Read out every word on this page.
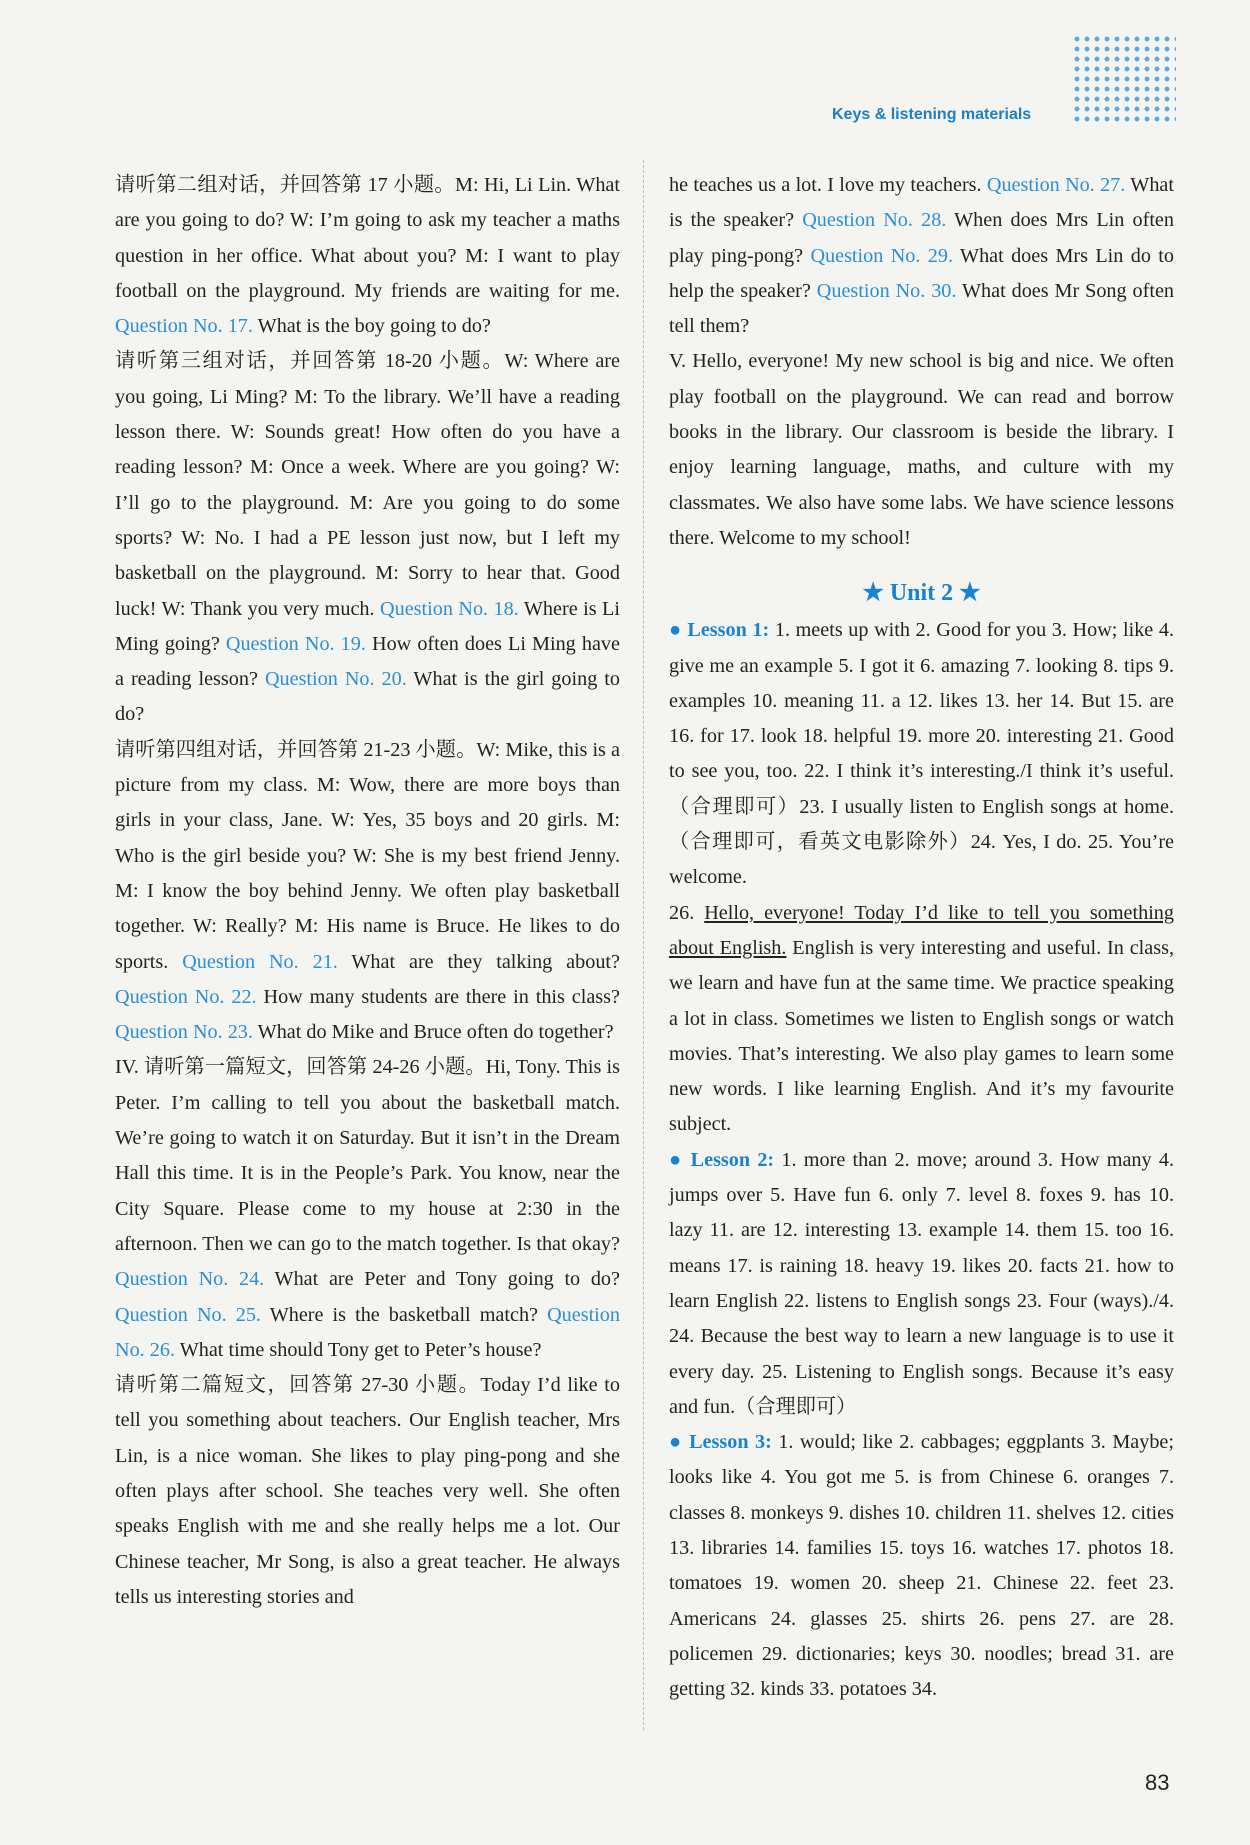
Keys & listening materials

请听第二组对话，并回答第 17 小题。M: Hi, Li Lin. What are you going to do? W: I’m going to ask my teacher a maths question in her office. What about you? M: I want to play football on the playground. My friends are waiting for me. Question No. 17. What is the boy going to do?

请听第三组对话，并回答第 18-20 小题。W: Where are you going, Li Ming? M: To the library. We’ll have a reading lesson there. W: Sounds great! How often do you have a reading lesson? M: Once a week. Where are you going? W: I’ll go to the playground. M: Are you going to do some sports? W: No. I had a PE lesson just now, but I left my basketball on the playground. M: Sorry to hear that. Good luck! W: Thank you very much. Question No. 18. Where is Li Ming going? Question No. 19. How often does Li Ming have a reading lesson? Question No. 20. What is the girl going to do?

请听第四组对话，并回答第 21-23 小题。W: Mike, this is a picture from my class. M: Wow, there are more boys than girls in your class, Jane. W: Yes, 35 boys and 20 girls. M: Who is the girl beside you? W: She is my best friend Jenny. M: I know the boy behind Jenny. We often play basketball together. W: Really? M: His name is Bruce. He likes to do sports. Question No. 21. What are they talking about? Question No. 22. How many students are there in this class? Question No. 23. What do Mike and Bruce often do together?

IV. 请听第一篇短文，回答第 24-26 小题。Hi, Tony. This is Peter. I’m calling to tell you about the basketball match. We’re going to watch it on Saturday. But it isn’t in the Dream Hall this time. It is in the People’s Park. You know, near the City Square. Please come to my house at 2:30 in the afternoon. Then we can go to the match together. Is that okay? Question No. 24. What are Peter and Tony going to do? Question No. 25. Where is the basketball match? Question No. 26. What time should Tony get to Peter’s house?

请听第二篇短文，回答第 27-30 小题。Today I’d like to tell you something about teachers. Our English teacher, Mrs Lin, is a nice woman. She likes to play ping-pong and she often plays after school. She teaches very well. She often speaks English with me and she really helps me a lot. Our Chinese teacher, Mr Song, is also a great teacher. He always tells us interesting stories and

he teaches us a lot. I love my teachers. Question No. 27. What is the speaker? Question No. 28. When does Mrs Lin often play ping-pong? Question No. 29. What does Mrs Lin do to help the speaker? Question No. 30. What does Mr Song often tell them?

V. Hello, everyone! My new school is big and nice. We often play football on the playground. We can read and borrow books in the library. Our classroom is beside the library. I enjoy learning language, maths, and culture with my classmates. We also have some labs. We have science lessons there. Welcome to my school!

★ Unit 2 ★

● Lesson 1: 1. meets up with 2. Good for you 3. How; like 4. give me an example 5. I got it 6. amazing 7. looking 8. tips 9. examples 10. meaning 11. a 12. likes 13. her 14. But 15. are 16. for 17. look 18. helpful 19. more 20. interesting 21. Good to see you, too. 22. I think it’s interesting./I think it’s useful.（合理即可）23. I usually listen to English songs at home.（合理即可，看英文电影除外）24. Yes, I do. 25. You’re welcome.

26. Hello, everyone! Today I’d like to tell you something about English. English is very interesting and useful. In class, we learn and have fun at the same time. We practice speaking a lot in class. Sometimes we listen to English songs or watch movies. That’s interesting. We also play games to learn some new words. I like learning English. And it’s my favourite subject.

● Lesson 2: 1. more than 2. move; around 3. How many 4. jumps over 5. Have fun 6. only 7. level 8. foxes 9. has 10. lazy 11. are 12. interesting 13. example 14. them 15. too 16. means 17. is raining 18. heavy 19. likes 20. facts 21. how to learn English 22. listens to English songs 23. Four (ways)./4. 24. Because the best way to learn a new language is to use it every day. 25. Listening to English songs. Because it’s easy and fun.（合理即可）

● Lesson 3: 1. would; like 2. cabbages; eggplants 3. Maybe; looks like 4. You got me 5. is from Chinese 6. oranges 7. classes 8. monkeys 9. dishes 10. children 11. shelves 12. cities 13. libraries 14. families 15. toys 16. watches 17. photos 18. tomatoes 19. women 20. sheep 21. Chinese 22. feet 23. Americans 24. glasses 25. shirts 26. pens 27. are 28. policemen 29. dictionaries; keys 30. noodles; bread 31. are getting 32. kinds 33. potatoes 34.

83
